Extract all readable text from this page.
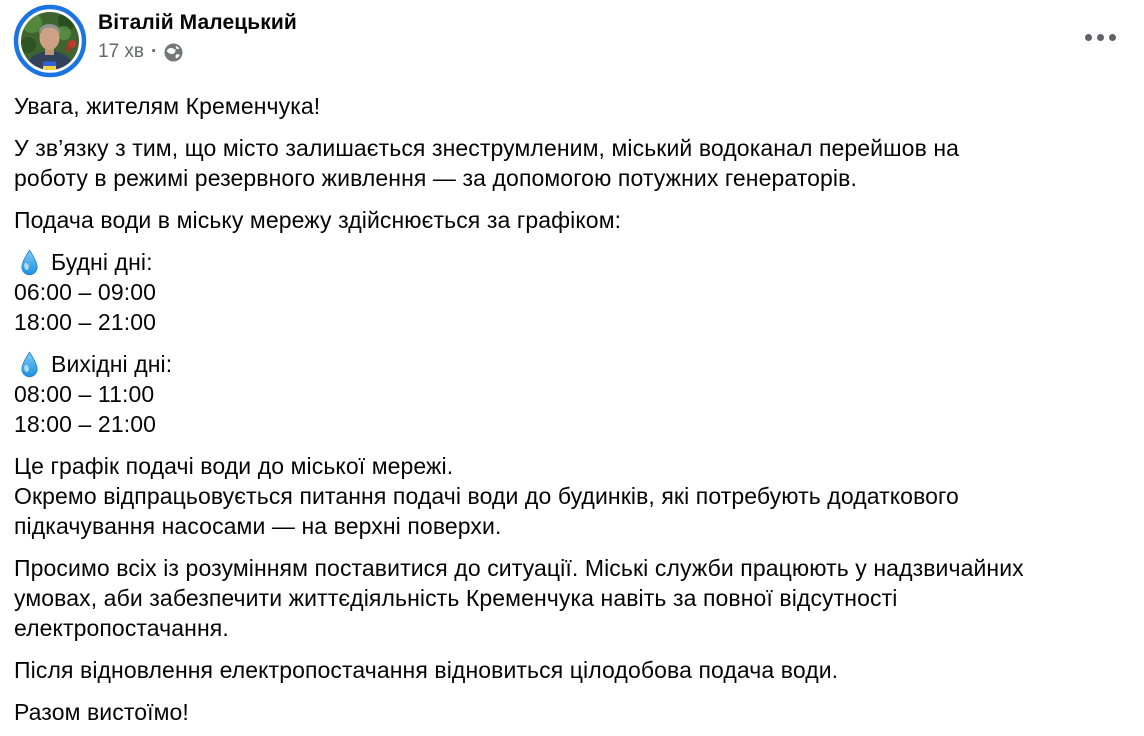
Віталій Малецький
17 хв ·

Увага, жителям Кременчука!

У зв’язку з тим, що місто залишається знеструмленим, міський водоканал перейшов на
роботу в режимі резервного живлення — за допомогою потужних генераторів.

Подача води в міську мережу здійснюється за графіком:

Будні дні:
06:00 – 09:00
18:00 – 21:00

Вихідні дні:
08:00 – 11:00
18:00 – 21:00

Це графік подачі води до міської мережі.
Окремо відпрацьовується питання подачі води до будинків, які потребують додаткового
підкачування насосами — на верхні поверхи.

Просимо всіх із розумінням поставитися до ситуації. Міські служби працюють у надзвичайних
умовах, аби забезпечити життєдіяльність Кременчука навіть за повної відсутності
електропостачання.

Після відновлення електропостачання відновиться цілодобова подача води.

Разом вистоїмо!
